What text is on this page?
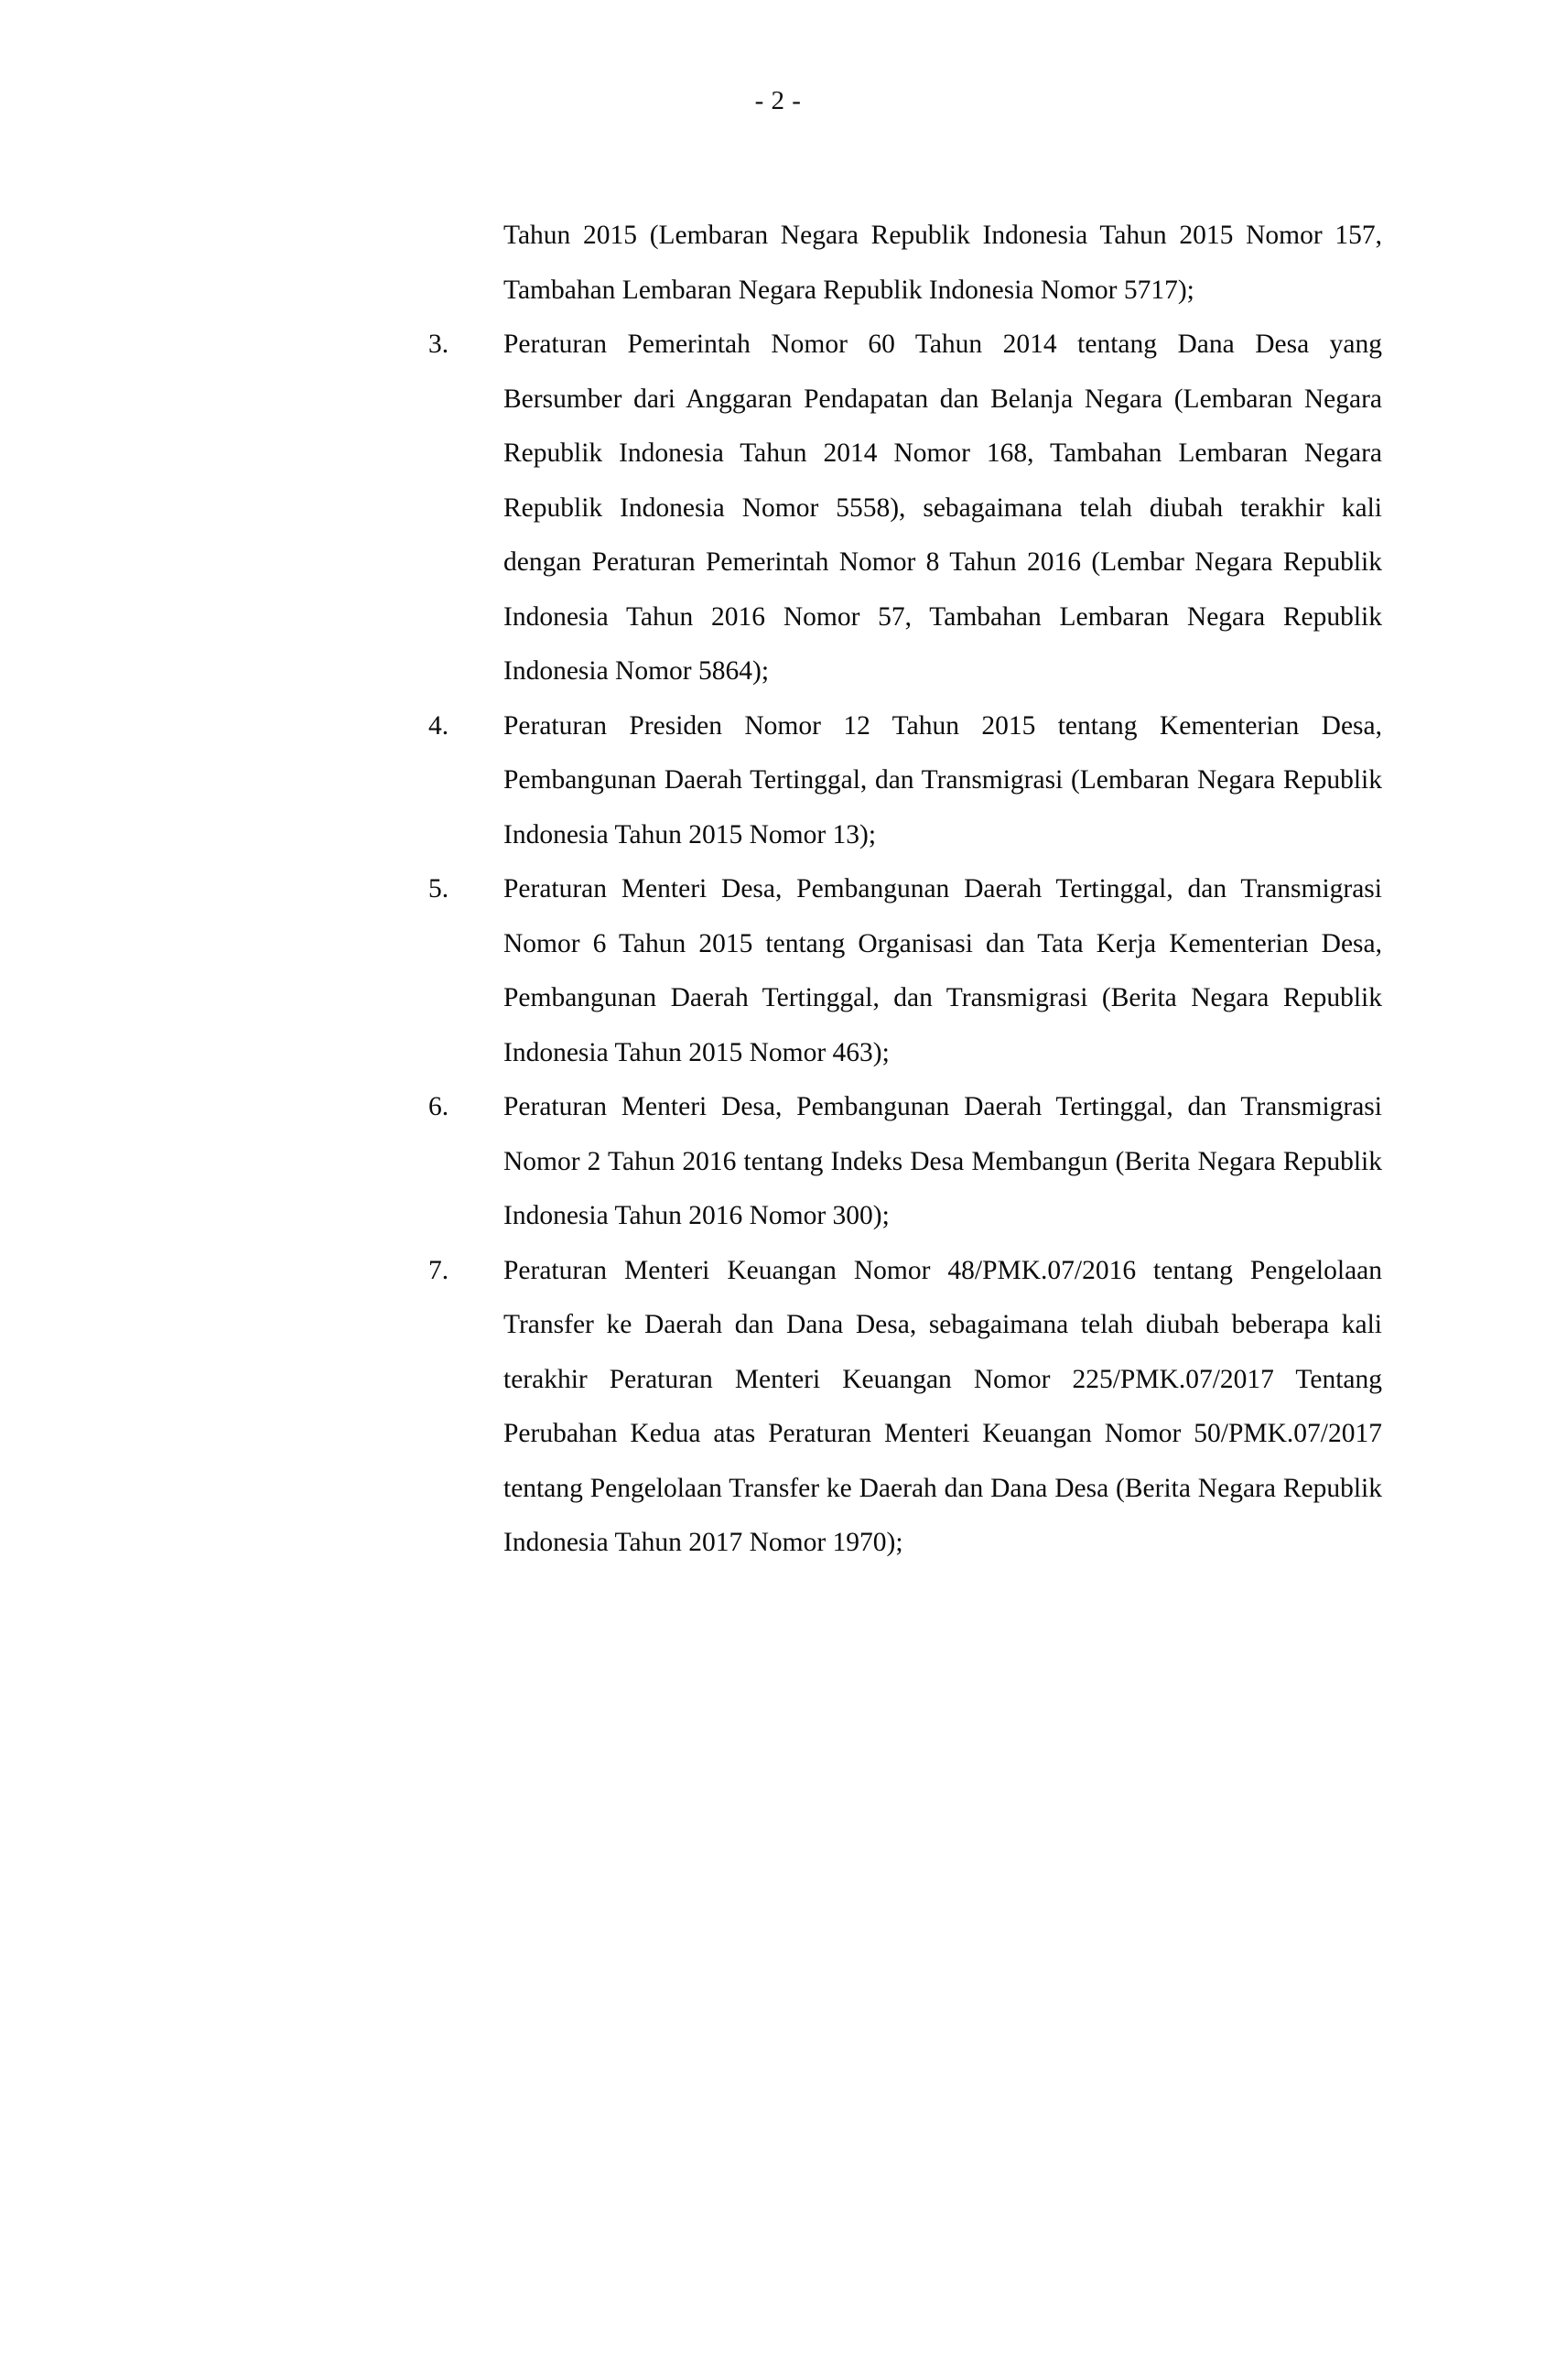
- 2 -

Tahun 2015 (Lembaran Negara Republik Indonesia Tahun 2015 Nomor 157, Tambahan Lembaran Negara Republik Indonesia Nomor 5717);

3.	Peraturan Pemerintah Nomor 60 Tahun 2014 tentang Dana Desa yang Bersumber dari Anggaran Pendapatan dan Belanja Negara (Lembaran Negara Republik Indonesia Tahun 2014 Nomor 168, Tambahan Lembaran Negara Republik Indonesia Nomor 5558), sebagaimana telah diubah terakhir kali dengan Peraturan Pemerintah Nomor 8 Tahun 2016 (Lembar Negara Republik Indonesia Tahun 2016 Nomor 57, Tambahan Lembaran Negara Republik Indonesia Nomor 5864);
4.	Peraturan Presiden Nomor 12 Tahun 2015 tentang Kementerian Desa, Pembangunan Daerah Tertinggal, dan Transmigrasi (Lembaran Negara Republik Indonesia Tahun 2015 Nomor 13);
5.	Peraturan Menteri Desa, Pembangunan Daerah Tertinggal, dan Transmigrasi Nomor 6 Tahun 2015 tentang Organisasi dan Tata Kerja Kementerian Desa, Pembangunan Daerah Tertinggal, dan Transmigrasi (Berita Negara Republik Indonesia Tahun 2015 Nomor 463);
6.	Peraturan Menteri Desa, Pembangunan Daerah Tertinggal, dan Transmigrasi Nomor 2 Tahun 2016 tentang Indeks Desa Membangun (Berita Negara Republik Indonesia Tahun 2016 Nomor 300);
7.	Peraturan Menteri Keuangan Nomor 48/PMK.07/2016 tentang Pengelolaan Transfer ke Daerah dan Dana Desa, sebagaimana telah diubah beberapa kali terakhir Peraturan Menteri Keuangan Nomor 225/PMK.07/2017 Tentang Perubahan Kedua atas Peraturan Menteri Keuangan Nomor 50/PMK.07/2017 tentang Pengelolaan Transfer ke Daerah dan Dana Desa (Berita Negara Republik Indonesia Tahun 2017 Nomor 1970);
